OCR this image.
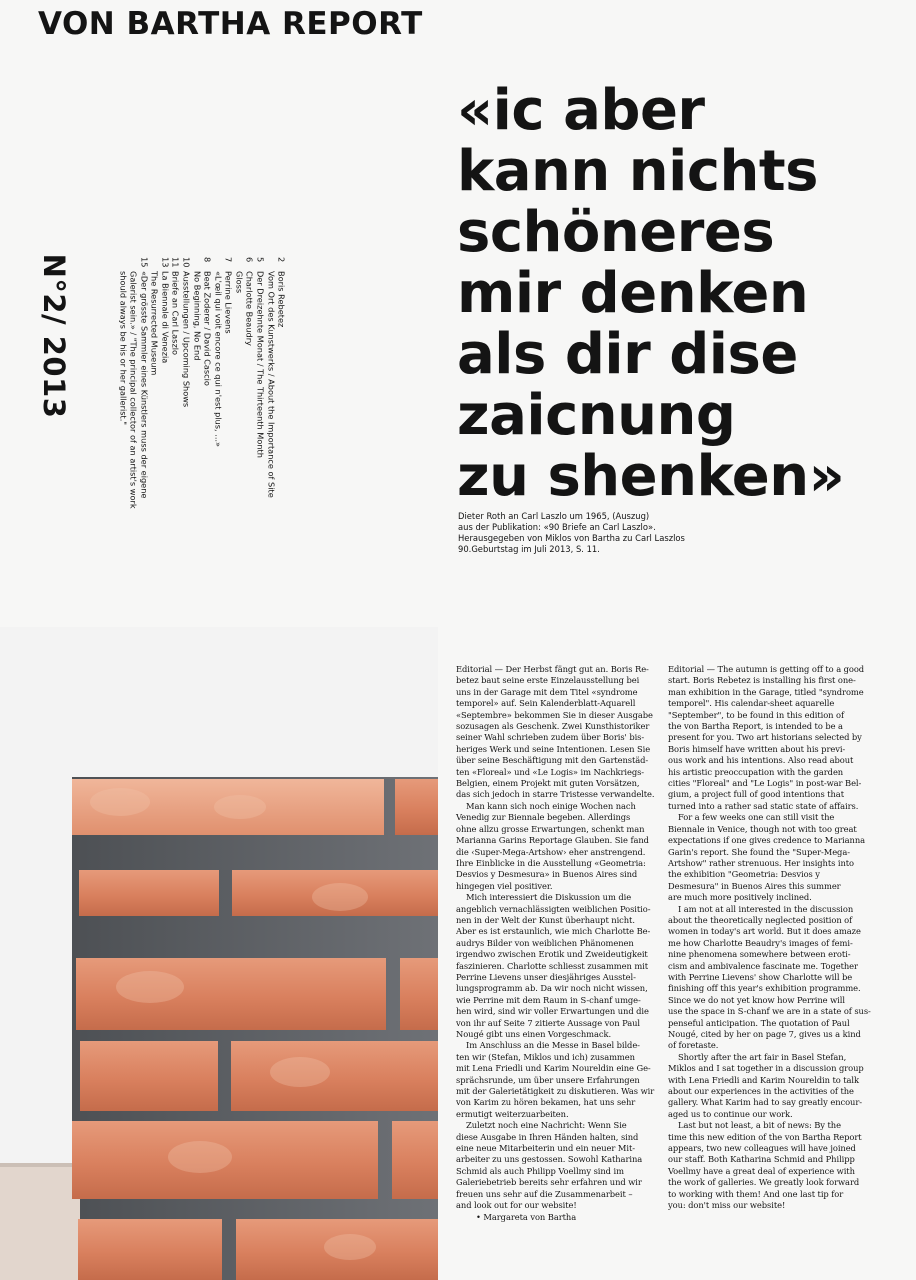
VON BARTHA REPORT
N°2/ 2013	2
Boris Rebetez
Vom Ort des Kunstwerks / About the Importance of Site
5
Der Dreizehnte Monat / The Thirteenth Month
6
Charlotte Beaudry
Gloss
7
Perrine Lievens
«L'œil qui voit encore ce qui n'est plus, ...»
8
Beat Zoderer / David Cascio
No Beginning, No End
10
Ausstellungen / Upcoming Shows
11
Briefe an Carl Laszlo
13
La Biennale di Venezia
The Resurrected Museum
15
«Der grösste Sammler eines Künstlers muss der eigene
Galerist sein.» / "The principal collector of an artist's work
should always be his or her gallerist."
«ic aber
kann nichts
schöneres
mir denken
als dir dise
zaicnung
zu shenken»
Dieter Roth an Carl Laszlo um 1965, (Auszug)
aus der Publikation: «90 Briefe an Carl Laszlo».
Herausgegeben von Miklos von Bartha zu Carl Laszlos
90.Geburtstag im Juli 2013, S. 11.
Editorial — Der Herbst fängt gut an. Boris Re-
betez baut seine erste Einzelausstellung bei
uns in der Garage mit dem Titel «syndrome
temporel» auf. Sein Kalenderblatt-Aquarell
«Septembre» bekommen Sie in dieser Ausgabe
sozusagen als Geschenk. Zwei Kunsthistoriker
seiner Wahl schrieben zudem über Boris' bis-
heriges Werk und seine Intentionen. Lesen Sie
über seine Beschäftigung mit den Gartenstäd-
ten «Floreal» und «Le Logis» im Nachkriegs-
Belgien, einem Projekt mit guten Vorsätzen,
das sich jedoch in starre Tristesse verwandelte.
Man kann sich noch einige Wochen nach
Venedig zur Biennale begeben. Allerdings
ohne allzu grosse Erwartungen, schenkt man
Marianna Garins Reportage Glauben. Sie fand
die ‹Super-Mega-Artshow› eher anstrengend.
Ihre Einblicke in die Ausstellung «Geometria:
Desvios y Desmesura» in Buenos Aires sind
hingegen viel positiver.
Mich interessiert die Diskussion um die
angeblich vernachlässigten weiblichen Positio-
nen in der Welt der Kunst überhaupt nicht.
Aber es ist erstaunlich, wie mich Charlotte Be-
audrys Bilder von weiblichen Phänomenen
irgendwo zwischen Erotik und Zweideutigkeit
faszinieren. Charlotte schliesst zusammen mit
Perrine Lievens unser diesjähriges Ausstel-
lungsprogramm ab. Da wir noch nicht wissen,
wie Perrine mit dem Raum in S-chanf umge-
hen wird, sind wir voller Erwartungen und die
von ihr auf Seite 7 zitierte Aussage von Paul
Nougé gibt uns einen Vorgeschmack.
Im Anschluss an die Messe in Basel bilde-
ten wir (Stefan, Miklos und ich) zusammen
mit Lena Friedli und Karim Noureldin eine Ge-
sprächsrunde, um über unsere Erfahrungen
mit der Galerietätigkeit zu diskutieren. Was wir
von Karim zu hören bekamen, hat uns sehr
ermutigt weiterzuarbeiten.
Zuletzt noch eine Nachricht: Wenn Sie
diese Ausgabe in Ihren Händen halten, sind
eine neue Mitarbeiterin und ein neuer Mit-
arbeiter zu uns gestossen. Sowohl Katharina
Schmid als auch Philipp Voellmy sind im
Galeriebetrieb bereits sehr erfahren und wir
freuen uns sehr auf die Zusammenarbeit –
and look out for our website!
• Margareta von Bartha
Editorial — The autumn is getting off to a good
start. Boris Rebetez is installing his first one-
man exhibition in the Garage, titled "syndrome
temporel". His calendar-sheet aquarelle
"September", to be found in this edition of
the von Bartha Report, is intended to be a
present for you. Two art historians selected by
Boris himself have written about his previ-
ous work and his intentions. Also read about
his artistic preoccupation with the garden
cities "Floreal" and "Le Logis" in post-war Bel-
gium, a project full of good intentions that
turned into a rather sad static state of affairs.
For a few weeks one can still visit the
Biennale in Venice, though not with too great
expectations if one gives credence to Marianna
Garin's report. She found the "Super-Mega-
Artshow" rather strenuous. Her insights into
the exhibition "Geometria: Desvios y
Desmesura" in Buenos Aires this summer
are much more positively inclined.
I am not at all interested in the discussion
about the theoretically neglected position of
women in today's art world. But it does amaze
me how Charlotte Beaudry's images of femi-
nine phenomena somewhere between eroti-
cism and ambivalence fascinate me. Together
with Perrine Lievens' show Charlotte will be
finishing off this year's exhibition programme.
Since we do not yet know how Perrine will
use the space in S-chanf we are in a state of sus-
penseful anticipation. The quotation of Paul
Nougé, cited by her on page 7, gives us a kind
of foretaste.
Shortly after the art fair in Basel Stefan,
Miklos and I sat together in a discussion group
with Lena Friedli and Karim Noureldin to talk
about our experiences in the activities of the
gallery. What Karim had to say greatly encour-
aged us to continue our work.
Last but not least, a bit of news: By the
time this new edition of the von Bartha Report
appears, two new colleagues will have joined
our staff. Both Katharina Schmid and Philipp
Voellmy have a great deal of experience with
the work of galleries. We greatly look forward
to working with them! And one last tip for
you: don't miss our website!
